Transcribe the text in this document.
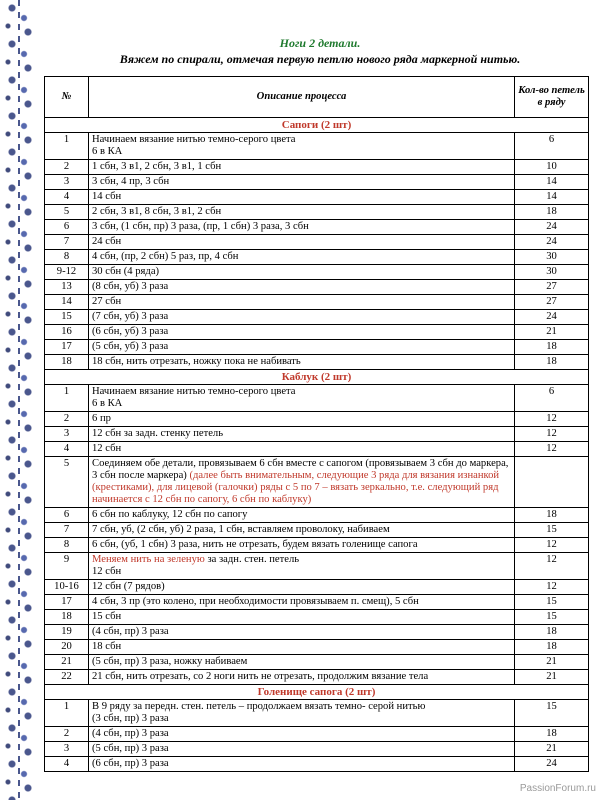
Ноги 2 детали.
Вяжем по спирали, отмечая первую петлю нового ряда маркерной нитью.
№	Описание процесса	Кол-во петель в ряду
Сапоги (2 шт)		
1	Начинаем вязание нитью темно-серого цвета
6 в КА	6
2	1 сбн, 3 в1, 2 сбн, 3 в1, 1 сбн	10
3	3 сбн, 4 пр, 3 сбн	14
4	14 сбн	14
5	2 сбн, 3 в1, 8 сбн, 3 в1, 2 сбн	18
6	3 сбн, (1 сбн, пр) 3 раза, (пр, 1 сбн) 3 раза, 3 сбн	24
7	24 сбн	24
8	4 сбн, (пр, 2 сбн) 5 раз, пр, 4 сбн	30
9-12	30 сбн (4 ряда)	30
13	(8 сбн, уб) 3 раза	27
14	27 сбн	27
15	(7 сбн, уб) 3 раза	24
16	(6 сбн, уб) 3 раза	21
17	(5 сбн, уб) 3 раза	18
18	18 сбн, нить отрезать, ножку пока не набивать	18
Каблук (2 шт)		
1	Начинаем вязание нитью темно-серого цвета
6 в КА	6
2	6 пр	12
3	12 сбн за задн. стенку петель	12
4	12 сбн	12
5	Соединяем обе детали, провязываем 6 сбн вместе с сапогом (провязываем 3 сбн до маркера, 3 сбн после маркера) (далее быть внимательным, следующие 3 ряда для вязания изнанкой (крестиками), для лицевой (галочки) ряды с 5 по 7 – вязать зеркально, т.е. следующий ряд начинается с 12 сбн по сапогу, 6 сбн по каблуку)	
6	6 сбн по каблуку, 12 сбн по сапогу	18
7	7 сбн, уб, (2 сбн, уб) 2 раза, 1 сбн, вставляем проволоку, набиваем	15
8	6 сбн, (уб, 1 сбн) 3 раза, нить не отрезать, будем вязать голенище сапога	12
9	Меняем нить на зеленую за задн. стен. петель
12 сбн	12
10-16	12 сбн (7 рядов)	12
17	4 сбн, 3 пр (это колено, при необходимости провязываем п. смещ), 5 сбн	15
18	15 сбн	15
19	(4 сбн, пр) 3 раза	18
20	18 сбн	18
21	(5 сбн, пр) 3 раза, ножку набиваем	21
22	21 сбн, нить отрезать, со 2 ноги нить не отрезать, продолжим вязание тела	21
Голенище сапога (2 шт)		
1	В 9 ряду за передн. стен. петель – продолжаем вязать темно- серой нитью
(3 сбн, пр) 3 раза	15
2	(4 сбн, пр) 3 раза	18
3	(5 сбн, пр) 3 раза	21
4	(6 сбн, пр) 3 раза	24
PassionForum.ru
